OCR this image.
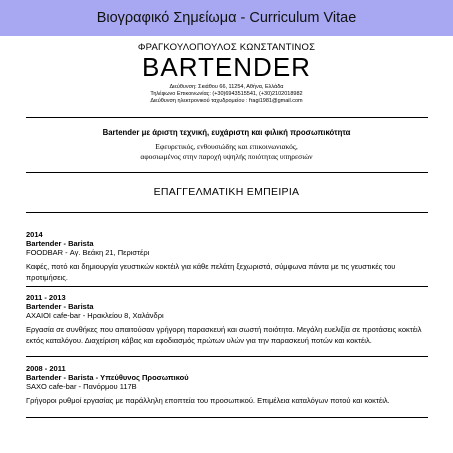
Βιογραφικό Σημείωμα - Curriculum Vitae
ΦΡΑΓΚΟΥΛΟΠΟΥΛΟΣ ΚΩΝΣΤΑΝΤΙΝΟΣ
BARTENDER
Διεύθυνση: Σκιάθου 66, 11254, Αθήνα, Ελλάδα
Τηλέφωνο Επικοινωνίας: (+30)6943515541, (+30)2102018982
Διεύθυνση ηλεκτρονικού ταχυδρομείου : fragi1981@gmail.com
Bartender με άριστη τεχνική, ευχάριστη και φιλική προσωπικότητα
Εφευρετικός, ενθουσιώδης και επικοινωνιακός,
αφοσιωμένος στην παροχή υψηλής ποιότητας υπηρεσιών
ΕΠΑΓΓΕΛΜΑΤΙΚΗ ΕΜΠΕΙΡΙΑ
2014
Bartender - Barista
FOODBAR - Αγ. Βεάκη 21, Περιστέρι
Καφές, ποτό και δημιουργία γευστικών κοκτέιλ για κάθε πελάτη ξεχωριστά, σύμφωνα πάντα με τις γευστικές του προτιμήσεις.
2011 - 2013
Bartender - Barista
AXAIOI cafe-bar - Ηρακλείου 8, Χαλάνδρι
Εργασία σε συνθήκες που απαιτούσαν γρήγορη παρασκευή και σωστή ποιότητα. Μεγάλη ευελιξία σε προτάσεις κοκτέιλ εκτός καταλόγου. Διαχείριση κάβας και εφοδιασμός πρώτων υλών για την παρασκευή ποτών και κοκτέιλ.
2008 - 2011
Bartender - Barista - Υπεύθυνος Προσωπικού
SAXO cafe-bar - Πανόρμου 117Β
Γρήγοροι ρυθμοί εργασίας με παράλληλη εποπτεία του προσωπικού. Επιμέλεια καταλόγων ποτού και κοκτέιλ.
